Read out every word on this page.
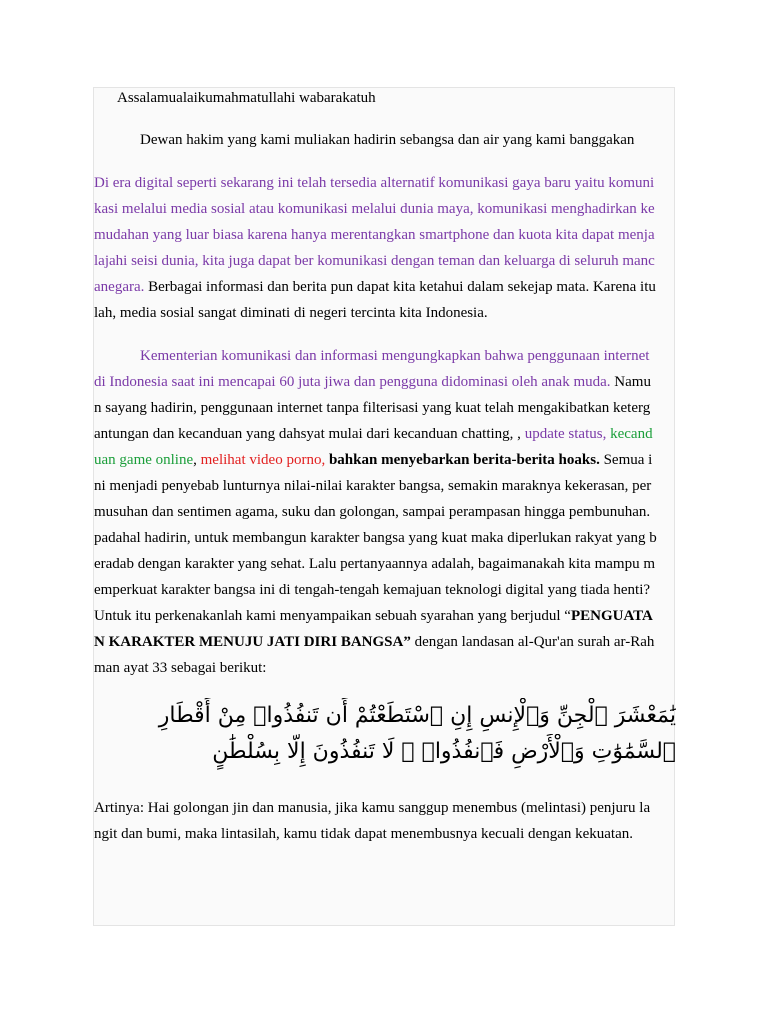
Assalamualaikumahmatullahi wabarakatuh
Dewan hakim yang kami muliakan hadirin sebangsa dan air yang kami banggakan
Di era digital seperti sekarang ini telah tersedia alternatif komunikasi gaya baru yaitu komuni
kasi melalui media sosial atau komunikasi melalui dunia maya, komunikasi menghadirkan ke
mudahan yang luar biasa karena hanya merentangkan smartphone dan kuota kita dapat menja
lajahi seisi dunia, kita juga dapat ber komunikasi dengan teman dan keluarga di seluruh manc
anegara. Berbagai informasi dan berita pun dapat kita ketahui dalam sekejap mata. Karena itu
lah, media sosial sangat diminati di negeri tercinta kita Indonesia.
Kementerian komunikasi dan informasi mengungkapkan bahwa penggunaan internet
di Indonesia saat ini mencapai 60 juta jiwa dan pengguna didominasi oleh anak muda. Namu
n sayang hadirin, penggunaan internet tanpa filterisasi yang kuat telah mengakibatkan keterg
antungan dan kecanduan yang dahsyat mulai dari kecanduan chatting, , update status, kecand
uan game online, melihat video porno, bahkan menyebarkan berita-berita hoaks. Semua i
ni menjadi penyebab lunturnya nilai-nilai karakter bangsa, semakin maraknya kekerasan, per
musuhan dan sentimen agama, suku dan golongan, sampai perampasan hingga pembunuhan.
padahal hadirin, untuk membangun karakter bangsa yang kuat maka diperlukan rakyat yang b
eradab dengan karakter yang sehat. Lalu pertanyaannya adalah, bagaimanakah kita mampu m
emperkuat karakter bangsa ini di tengah-tengah kemajuan teknologi digital yang tiada henti?
Untuk itu perkenakanlah kami menyampaikan sebuah syarahan yang berjudul “PENGUATA
N KARAKTER MENUJU JATI DIRI BANGSA” dengan landasan al-Qur'an surah ar-Rah
man ayat 33 sebagai berikut:
يَٰمَعْشَرَ ٱلْجِنِّ وَٱلْإِنسِ إِنِ ٱسْتَطَعْتُمْ أَن تَنفُذُوا۟ مِنْ أَقْطَارِ
ٱلسَّمَٰوَٰتِ وَٱلْأَرْضِ فَٱنفُذُوا۟ ۚ لَا تَنفُذُونَ إِلَّا بِسُلْطَٰنٍ
Artinya: Hai golongan jin dan manusia, jika kamu sanggup menembus (melintasi) penjuru la
ngit dan bumi, maka lintasilah, kamu tidak dapat menembusnya kecuali dengan kekuatan.
